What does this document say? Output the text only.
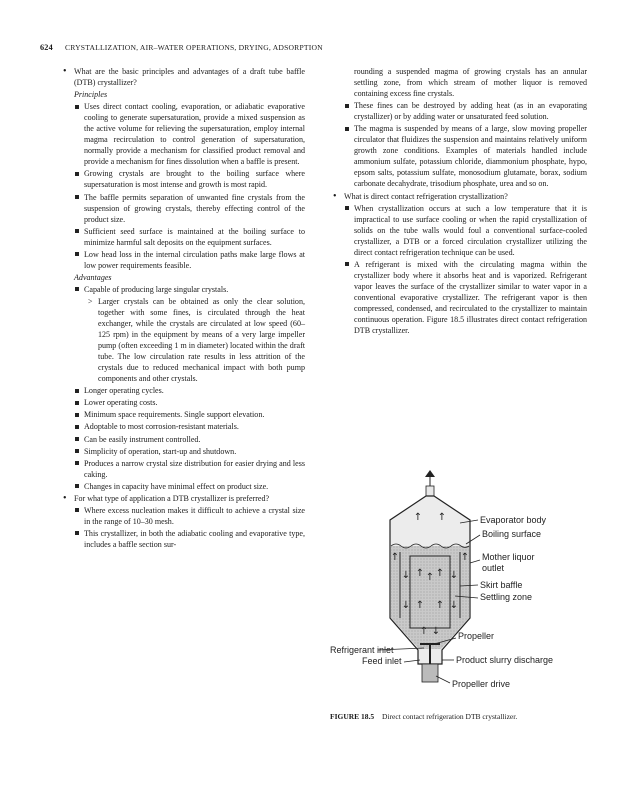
624 CRYSTALLIZATION, AIR–WATER OPERATIONS, DRYING, ADSORPTION
• What are the basic principles and advantages of a draft tube baffle (DTB) crystallizer?
Principles
Uses direct contact cooling, evaporation, or adiabatic evaporative cooling to generate supersaturation, provide a mixed suspension as the active volume for relieving the supersaturation, employ internal magma recirculation to control generation of supersaturation, normally provide a mechanism for classified product removal and provide a mechanism for fines dissolution when a baffle is present.
Growing crystals are brought to the boiling surface where supersaturation is most intense and growth is most rapid.
The baffle permits separation of unwanted fine crystals from the suspension of growing crystals, thereby effecting control of the product size.
Sufficient seed surface is maintained at the boiling surface to minimize harmful salt deposits on the equipment surfaces.
Low head loss in the internal circulation paths make large flows at low power requirements feasible.
Advantages
Capable of producing large singular crystals.
> Larger crystals can be obtained as only the clear solution, together with some fines, is circulated through the heat exchanger, while the crystals are circulated at low speed (60–125 rpm) in the equipment by means of a very large impeller pump (often exceeding 1 m in diameter) located within the draft tube. The low circulation rate results in less attrition of the crystals due to reduced mechanical impact with both pump components and other crystals.
Longer operating cycles.
Lower operating costs.
Minimum space requirements. Single support elevation.
Adoptable to most corrosion-resistant materials.
Can be easily instrument controlled.
Simplicity of operation, start-up and shutdown.
Produces a narrow crystal size distribution for easier drying and less caking.
Changes in capacity have minimal effect on product size.
• For what type of application a DTB crystallizer is preferred?
Where excess nucleation makes it difficult to achieve a crystal size in the range of 10–30 mesh.
This crystallizer, in both the adiabatic cooling and evaporative type, includes a baffle section sur-
rounding a suspended magma of growing crystals has an annular settling zone, from which stream of mother liquor is removed containing excess fine crystals.
These fines can be destroyed by adding heat (as in an evaporating crystallizer) or by adding water or unsaturated feed solution.
The magma is suspended by means of a large, slow moving propeller circulator that fluidizes the suspension and maintains relatively uniform growth zone conditions. Examples of materials handled include ammonium sulfate, potassium chloride, diammonium phosphate, hypo, epsom salts, potassium sulfate, monosodium glutamate, borax, sodium carbonate decahydrate, trisodium phosphate, urea and so on.
• What is direct contact refrigeration crystallization?
When crystallization occurs at such a low temperature that it is impractical to use surface cooling or when the rapid crystallization of solids on the tube walls would foul a conventional surface-cooled crystallizer, a DTB or a forced circulation crystallizer utilizing the direct contact refrigeration technique can be used.
A refrigerant is mixed with the circulating magma within the crystallizer body where it absorbs heat and is vaporized. Refrigerant vapor leaves the surface of the crystallizer similar to water vapor in a conventional evaporative crystallizer. The refrigerant vapor is then compressed, condensed, and recirculated to the crystallizer to maintain continuous operation. Figure 18.5 illustrates direct contact refrigeration DTB crystallizer.
↑ ↑
↑ ↑ ↑
↓	↓
↑ ↑
↓	↓
↑ ↓
↑	↑
Evaporator body
Boiling surface
Mother liquor
outlet
Skirt baffle
Settling zone
Propeller
Refrigerant inlet
Feed inlet	Product slurry discharge
Propeller drive
FIGURE 18.5 Direct contact refrigeration DTB crystallizer.
